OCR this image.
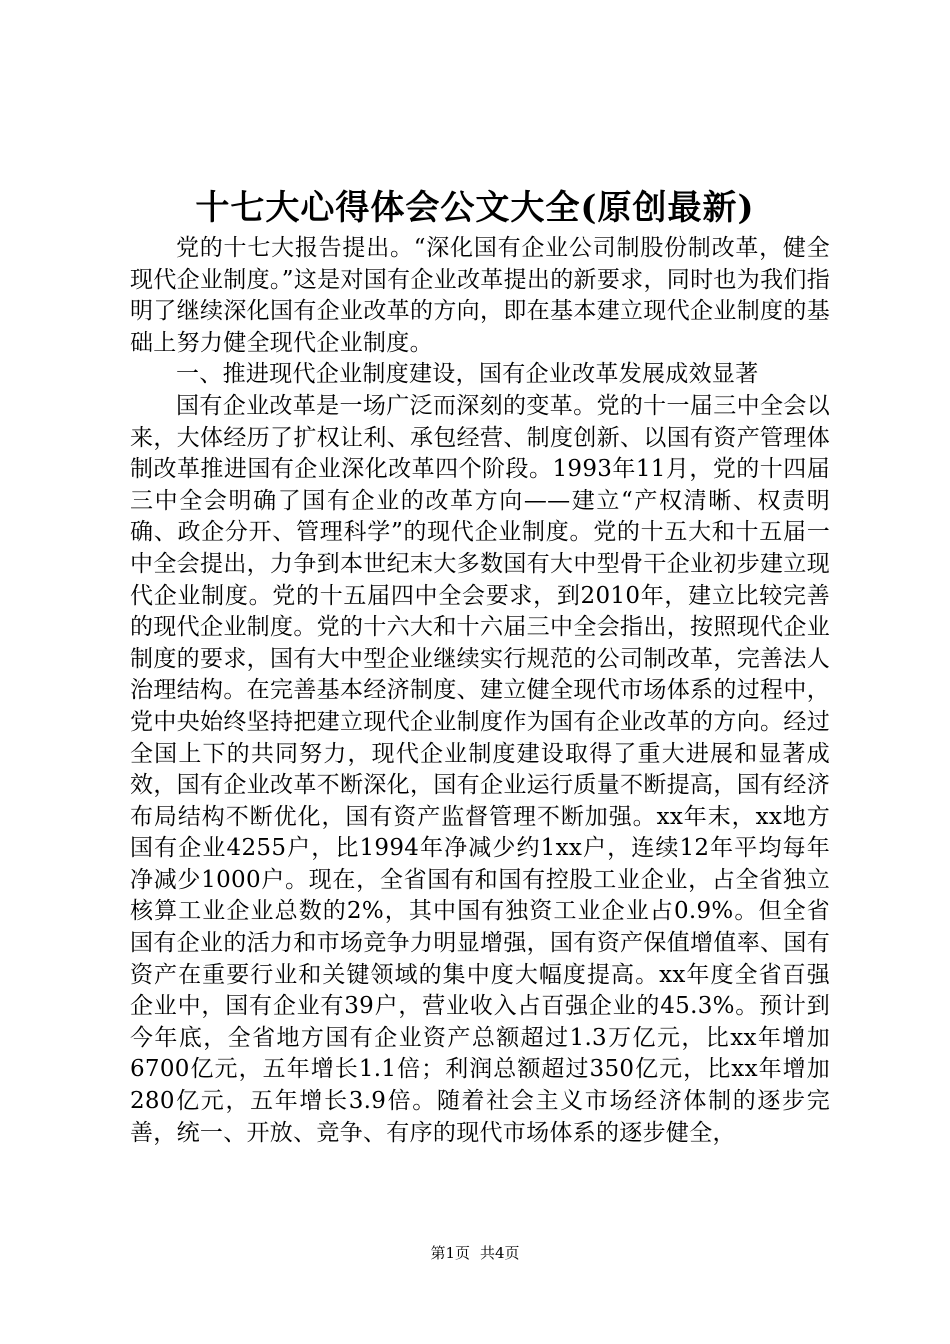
十七大心得体会公文大全(原创最新)

党的十七大报告提出。“深化国有企业公司制股份制改革，健全现代企业制度。”这是对国有企业改革提出的新要求，同时也为我们指明了继续深化国有企业改革的方向，即在基本建立现代企业制度的基础上努力健全现代企业制度。

一、推进现代企业制度建设，国有企业改革发展成效显著

国有企业改革是一场广泛而深刻的变革。党的十一届三中全会以来，大体经历了扩权让利、承包经营、制度创新、以国有资产管理体制改革推进国有企业深化改革四个阶段。1993年11月，党的十四届三中全会明确了国有企业的改革方向——建立“产权清晰、权责明确、政企分开、管理科学”的现代企业制度。党的十五大和十五届一中全会提出，力争到本世纪末大多数国有大中型骨干企业初步建立现代企业制度。党的十五届四中全会要求，到2010年，建立比较完善的现代企业制度。党的十六大和十六届三中全会指出，按照现代企业制度的要求，国有大中型企业继续实行规范的公司制改革，完善法人治理结构。在完善基本经济制度、建立健全现代市场体系的过程中，党中央始终坚持把建立现代企业制度作为国有企业改革的方向。经过全国上下的共同努力，现代企业制度建设取得了重大进展和显著成效，国有企业改革不断深化，国有企业运行质量不断提高，国有经济布局结构不断优化，国有资产监督管理不断加强。xx年末，xx地方国有企业4255户，比1994年净减少约1xx户，连续12年平均每年净减少1000户。现在，全省国有和国有控股工业企业，占全省独立核算工业企业总数的2%，其中国有独资工业企业占0.9%。但全省国有企业的活力和市场竞争力明显增强，国有资产保值增值率、国有资产在重要行业和关键领域的集中度大幅度提高。xx年度全省百强企业中，国有企业有39户，营业收入占百强企业的45.3%。预计到今年底，全省地方国有企业资产总额超过1.3万亿元，比xx年增加6700亿元，五年增长1.1倍；利润总额超过350亿元，比xx年增加280亿元，五年增长3.9倍。随着社会主义市场经济体制的逐步完善，统一、开放、竞争、有序的现代市场体系的逐步健全，

第1页 共4页
